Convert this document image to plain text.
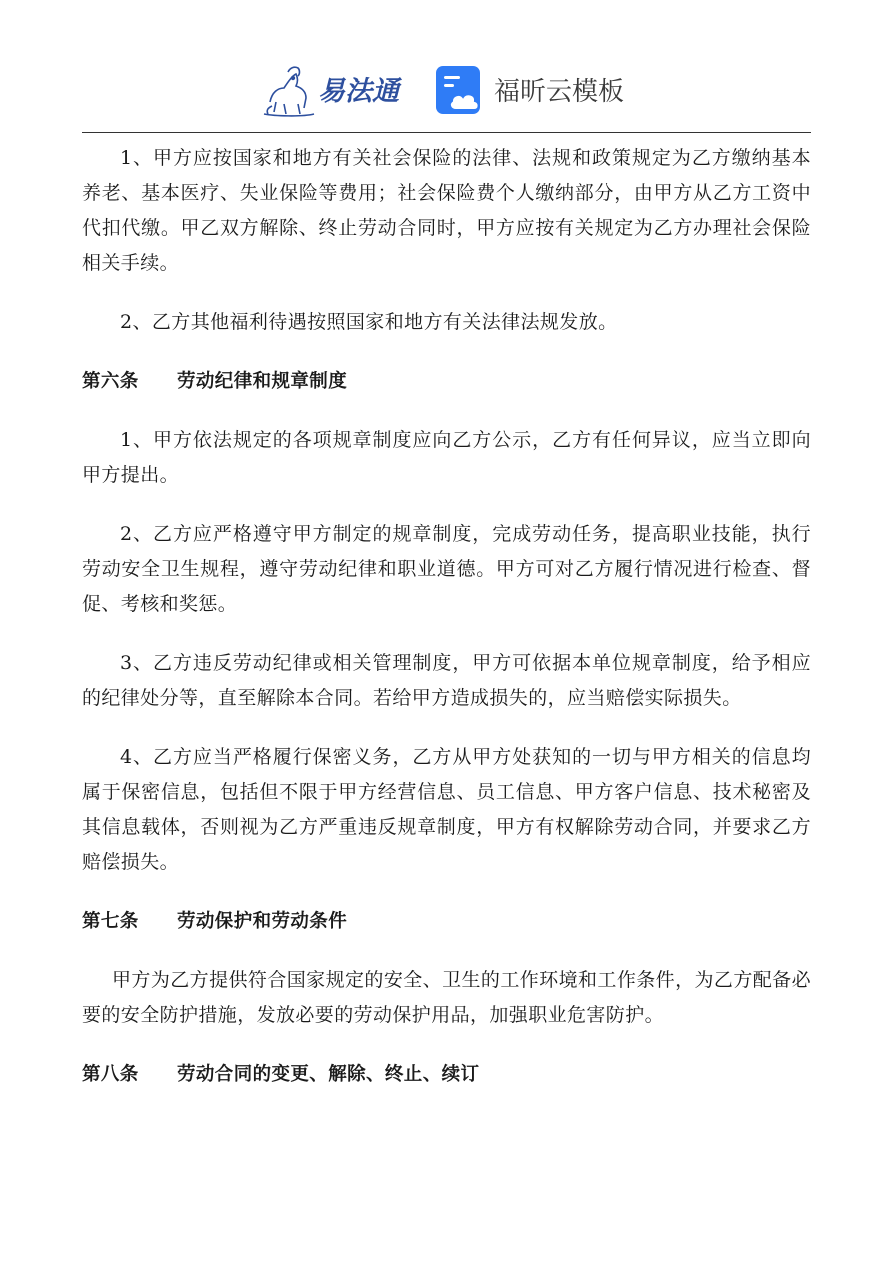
易法通	福昕云模板

1、甲方应按国家和地方有关社会保险的法律、法规和政策规定为乙方缴纳基本养老、基本医疗、失业保险等费用；社会保险费个人缴纳部分，由甲方从乙方工资中代扣代缴。甲乙双方解除、终止劳动合同时，甲方应按有关规定为乙方办理社会保险相关手续。

2、乙方其他福利待遇按照国家和地方有关法律法规发放。

第六条 劳动纪律和规章制度

1、甲方依法规定的各项规章制度应向乙方公示，乙方有任何异议，应当立即向甲方提出。

2、乙方应严格遵守甲方制定的规章制度，完成劳动任务，提高职业技能，执行劳动安全卫生规程，遵守劳动纪律和职业道德。甲方可对乙方履行情况进行检查、督促、考核和奖惩。

3、乙方违反劳动纪律或相关管理制度，甲方可依据本单位规章制度，给予相应的纪律处分等，直至解除本合同。若给甲方造成损失的，应当赔偿实际损失。

4、乙方应当严格履行保密义务，乙方从甲方处获知的一切与甲方相关的信息均属于保密信息，包括但不限于甲方经营信息、员工信息、甲方客户信息、技术秘密及其信息载体，否则视为乙方严重违反规章制度，甲方有权解除劳动合同，并要求乙方赔偿损失。

第七条 劳动保护和劳动条件

甲方为乙方提供符合国家规定的安全、卫生的工作环境和工作条件，为乙方配备必要的安全防护措施，发放必要的劳动保护用品，加强职业危害防护。

第八条 劳动合同的变更、解除、终止、续订
